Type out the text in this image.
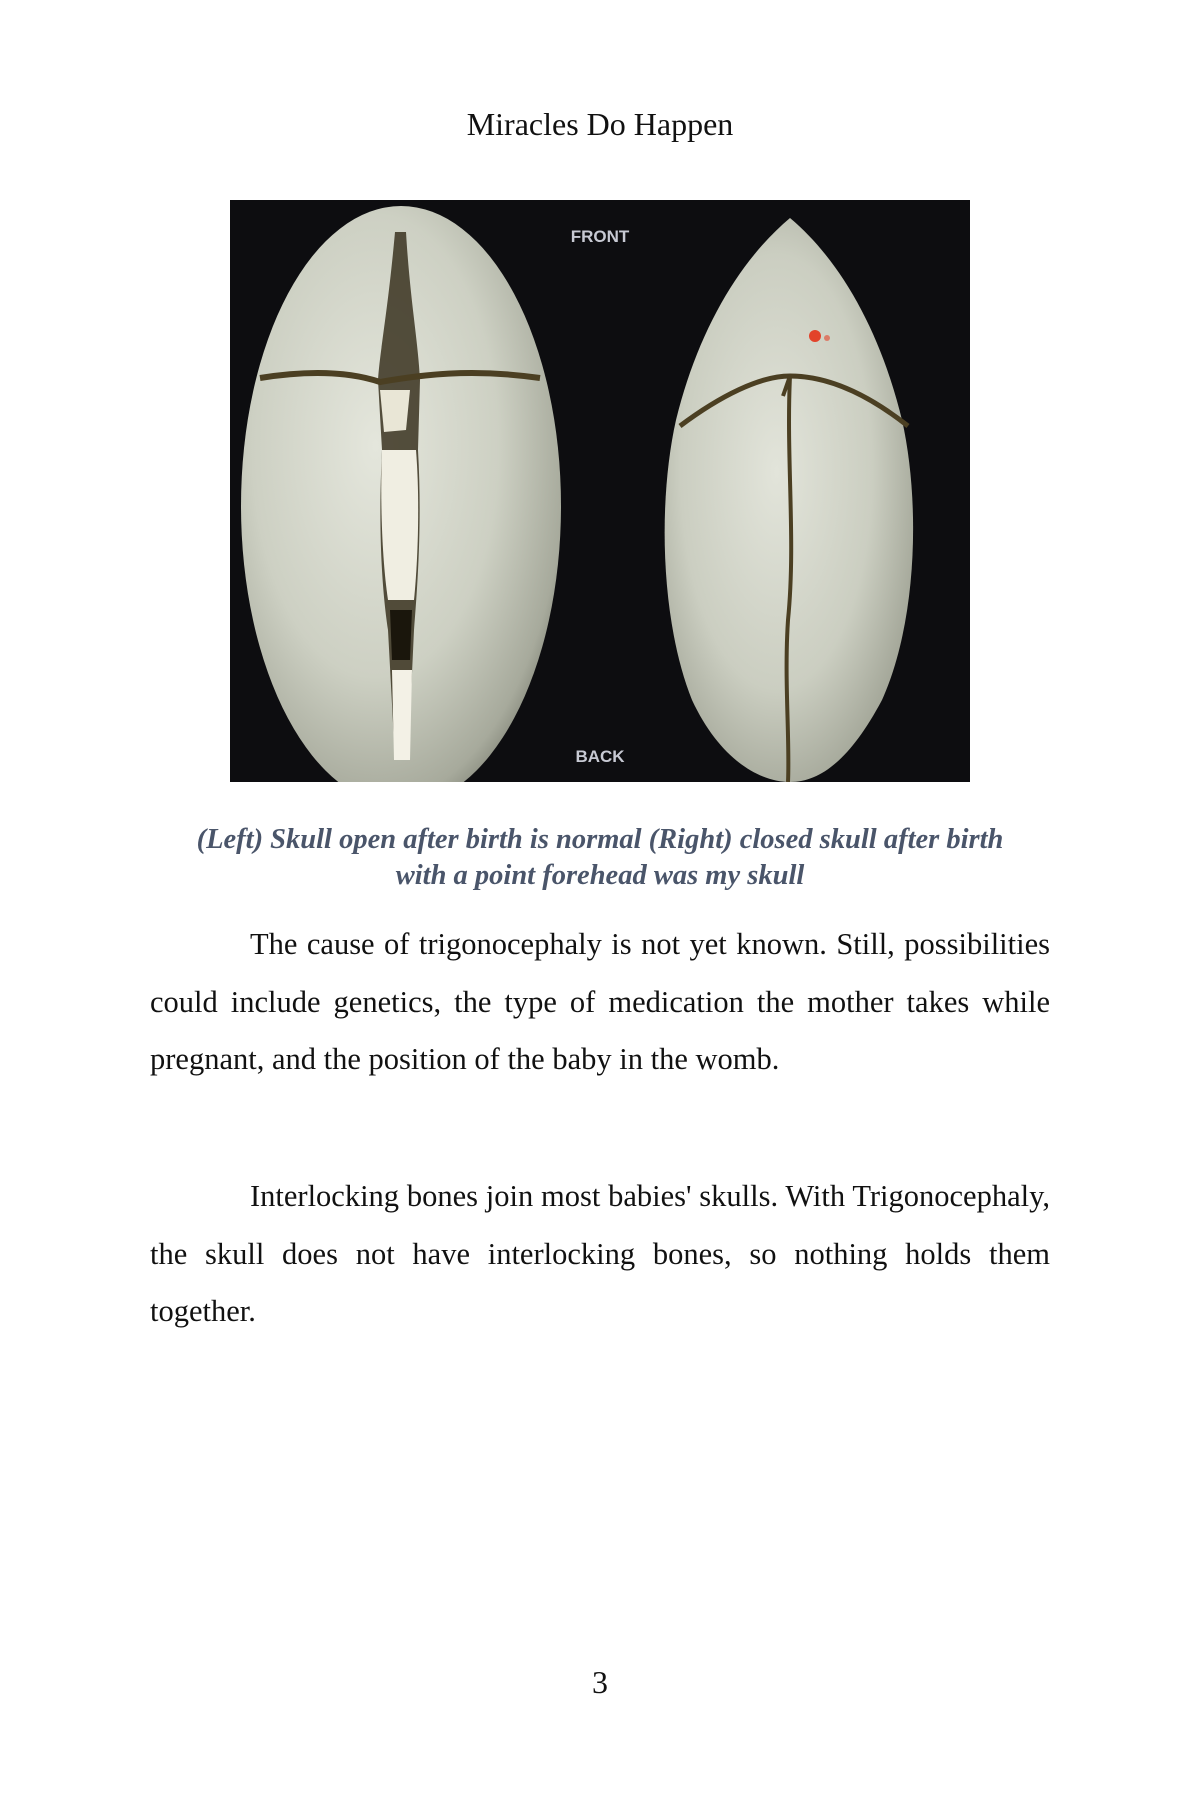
Miracles Do Happen
FRONT
BACK
(Left) Skull open after birth is normal (Right) closed skull after birth
with a point forehead was my skull

The cause of trigonocephaly is not yet known. Still, possibilities could include genetics, the type of medication the mother takes while pregnant, and the position of the baby in the womb.

Interlocking bones join most babies' skulls. With Trigonocephaly, the skull does not have interlocking bones, so nothing holds them together.

3
